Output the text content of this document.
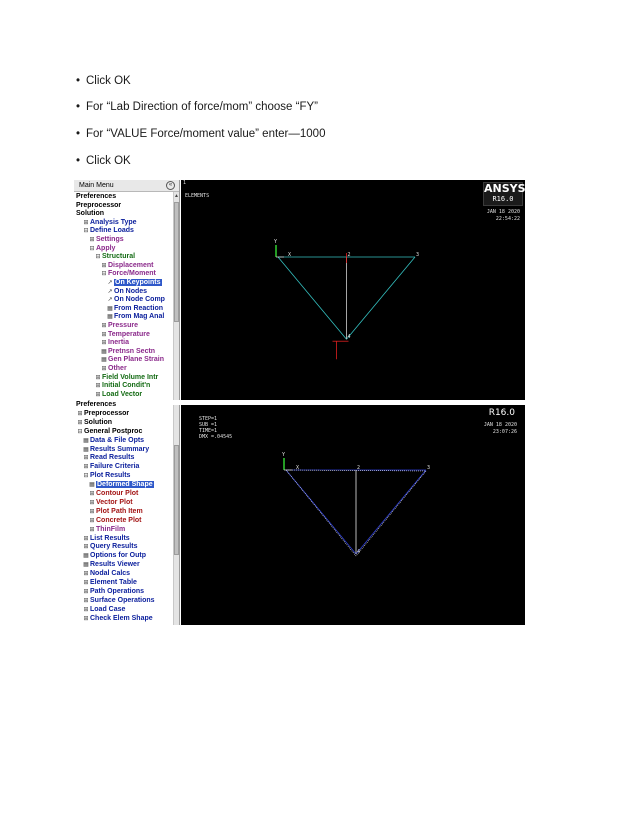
• Click OK
• For “Lab Direction of force/mom” choose “FY”
• For “VALUE Force/moment value” enter—1000
• Click OK
Main Menu	«
Preferences
Preprocessor
Solution
⊞Analysis Type
⊟Define Loads
⊞Settings
⊟Apply
⊟Structural
⊞Displacement
⊟Force/Moment
↗ On Keypoints
↗On Nodes
↗On Node Comp
▦From Reaction
▦From Mag Anal
⊞Pressure
⊞Temperature
⊞Inertia
▦Pretnsn Sectn
▦Gen Plane Strain
⊞Other
⊞Field Volume Intr
⊞Initial Condit'n
⊞Load Vector
▲
1
ELEMENTS
ANSYS
R16.0
JAN 18 2020
22:54:22
Y
X	2	3
4
Preferences
⊞Preprocessor
⊞Solution
⊟General Postproc
▦Data & File Opts
▦Results Summary
⊞Read Results
⊞Failure Criteria
⊟Plot Results
▦ Deformed Shape
⊞Contour Plot
⊞Vector Plot
⊞Plot Path Item
⊞Concrete Plot
⊞ThinFilm
⊞List Results
⊞Query Results
▦Options for Outp
▦Results Viewer
⊞Nodal Calcs
⊞Element Table
⊞Path Operations
⊞Surface Operations
⊞Load Case
⊞Check Elem Shape
R16.0
STEP=1
SUB =1
TIME=1
DMX =.04545
JAN 18 2020
23:07:26
Y
X	2	3
4
